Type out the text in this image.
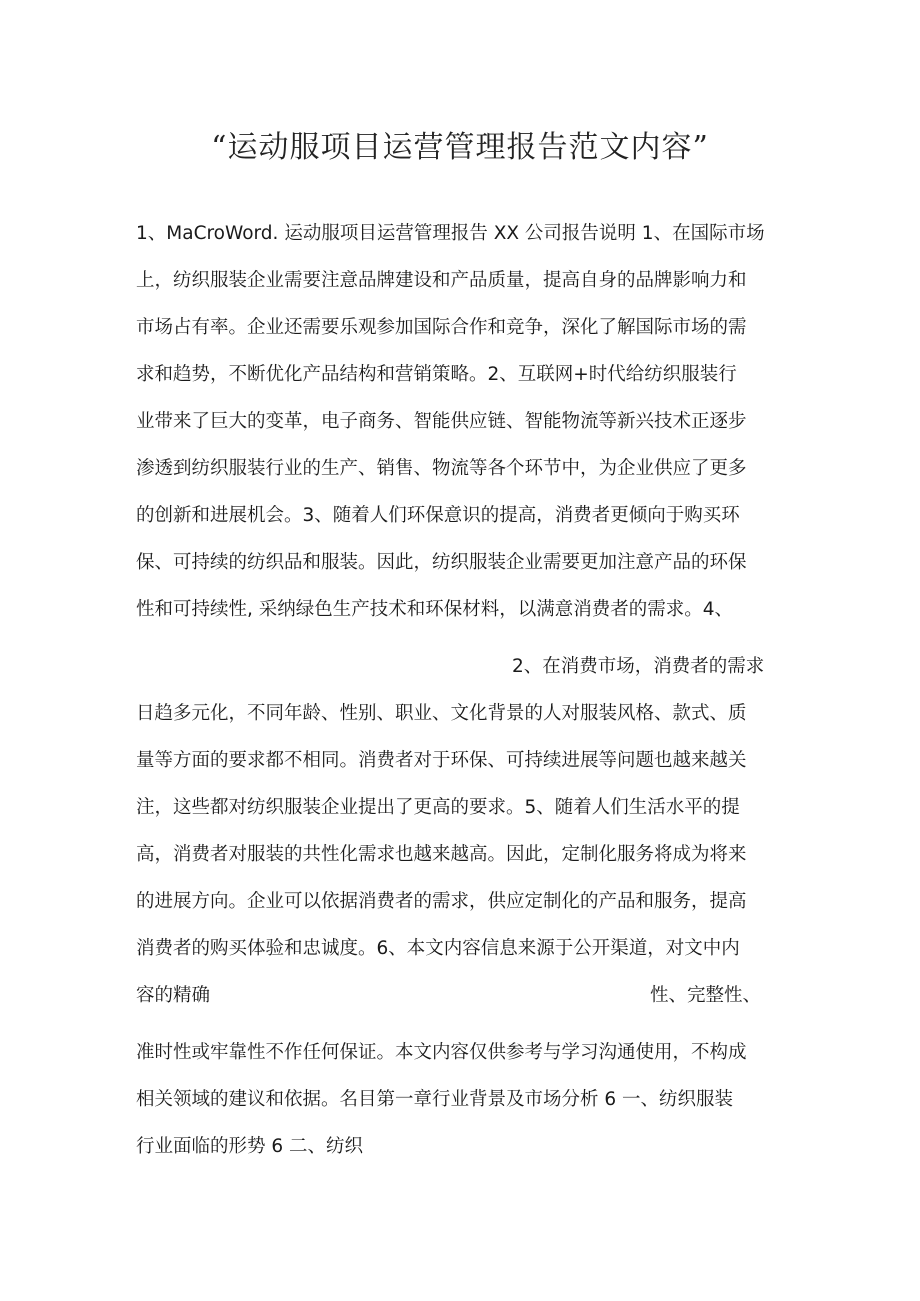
“运动服项目运营管理报告范文内容”
1、MaCroWord. 运动服项目运营管理报告 XX 公司报告说明 1、在国际市场
上，纺织服装企业需要注意品牌建设和产品质量，提高自身的品牌影响力和
市场占有率。企业还需要乐观参加国际合作和竞争，深化了解国际市场的需
求和趋势，不断优化产品结构和营销策略。2、互联网+时代给纺织服装行
业带来了巨大的变革，电子商务、智能供应链、智能物流等新兴技术正逐步
渗透到纺织服装行业的生产、销售、物流等各个环节中，为企业供应了更多
的创新和进展机会。3、随着人们环保意识的提高，消费者更倾向于购买环
保、可持续的纺织品和服装。因此，纺织服装企业需要更加注意产品的环保
性和可持续性, 采纳绿色生产技术和环保材料，以满意消费者的需求。4、
2、在消费市场，消费者的需求
日趋多元化，不同年龄、性别、职业、文化背景的人对服装风格、款式、质
量等方面的要求都不相同。消费者对于环保、可持续进展等问题也越来越关
注，这些都对纺织服装企业提出了更高的要求。5、随着人们生活水平的提
高，消费者对服装的共性化需求也越来越高。因此，定制化服务将成为将来
的进展方向。企业可以依据消费者的需求，供应定制化的产品和服务，提高
消费者的购买体验和忠诚度。6、本文内容信息来源于公开渠道，对文中内
容的精确	性、完整性、
准时性或牢靠性不作任何保证。本文内容仅供参考与学习沟通使用，不构成
相关领域的建议和依据。名目第一章行业背景及市场分析 6 一、纺织服装
行业面临的形势 6 二、纺织
